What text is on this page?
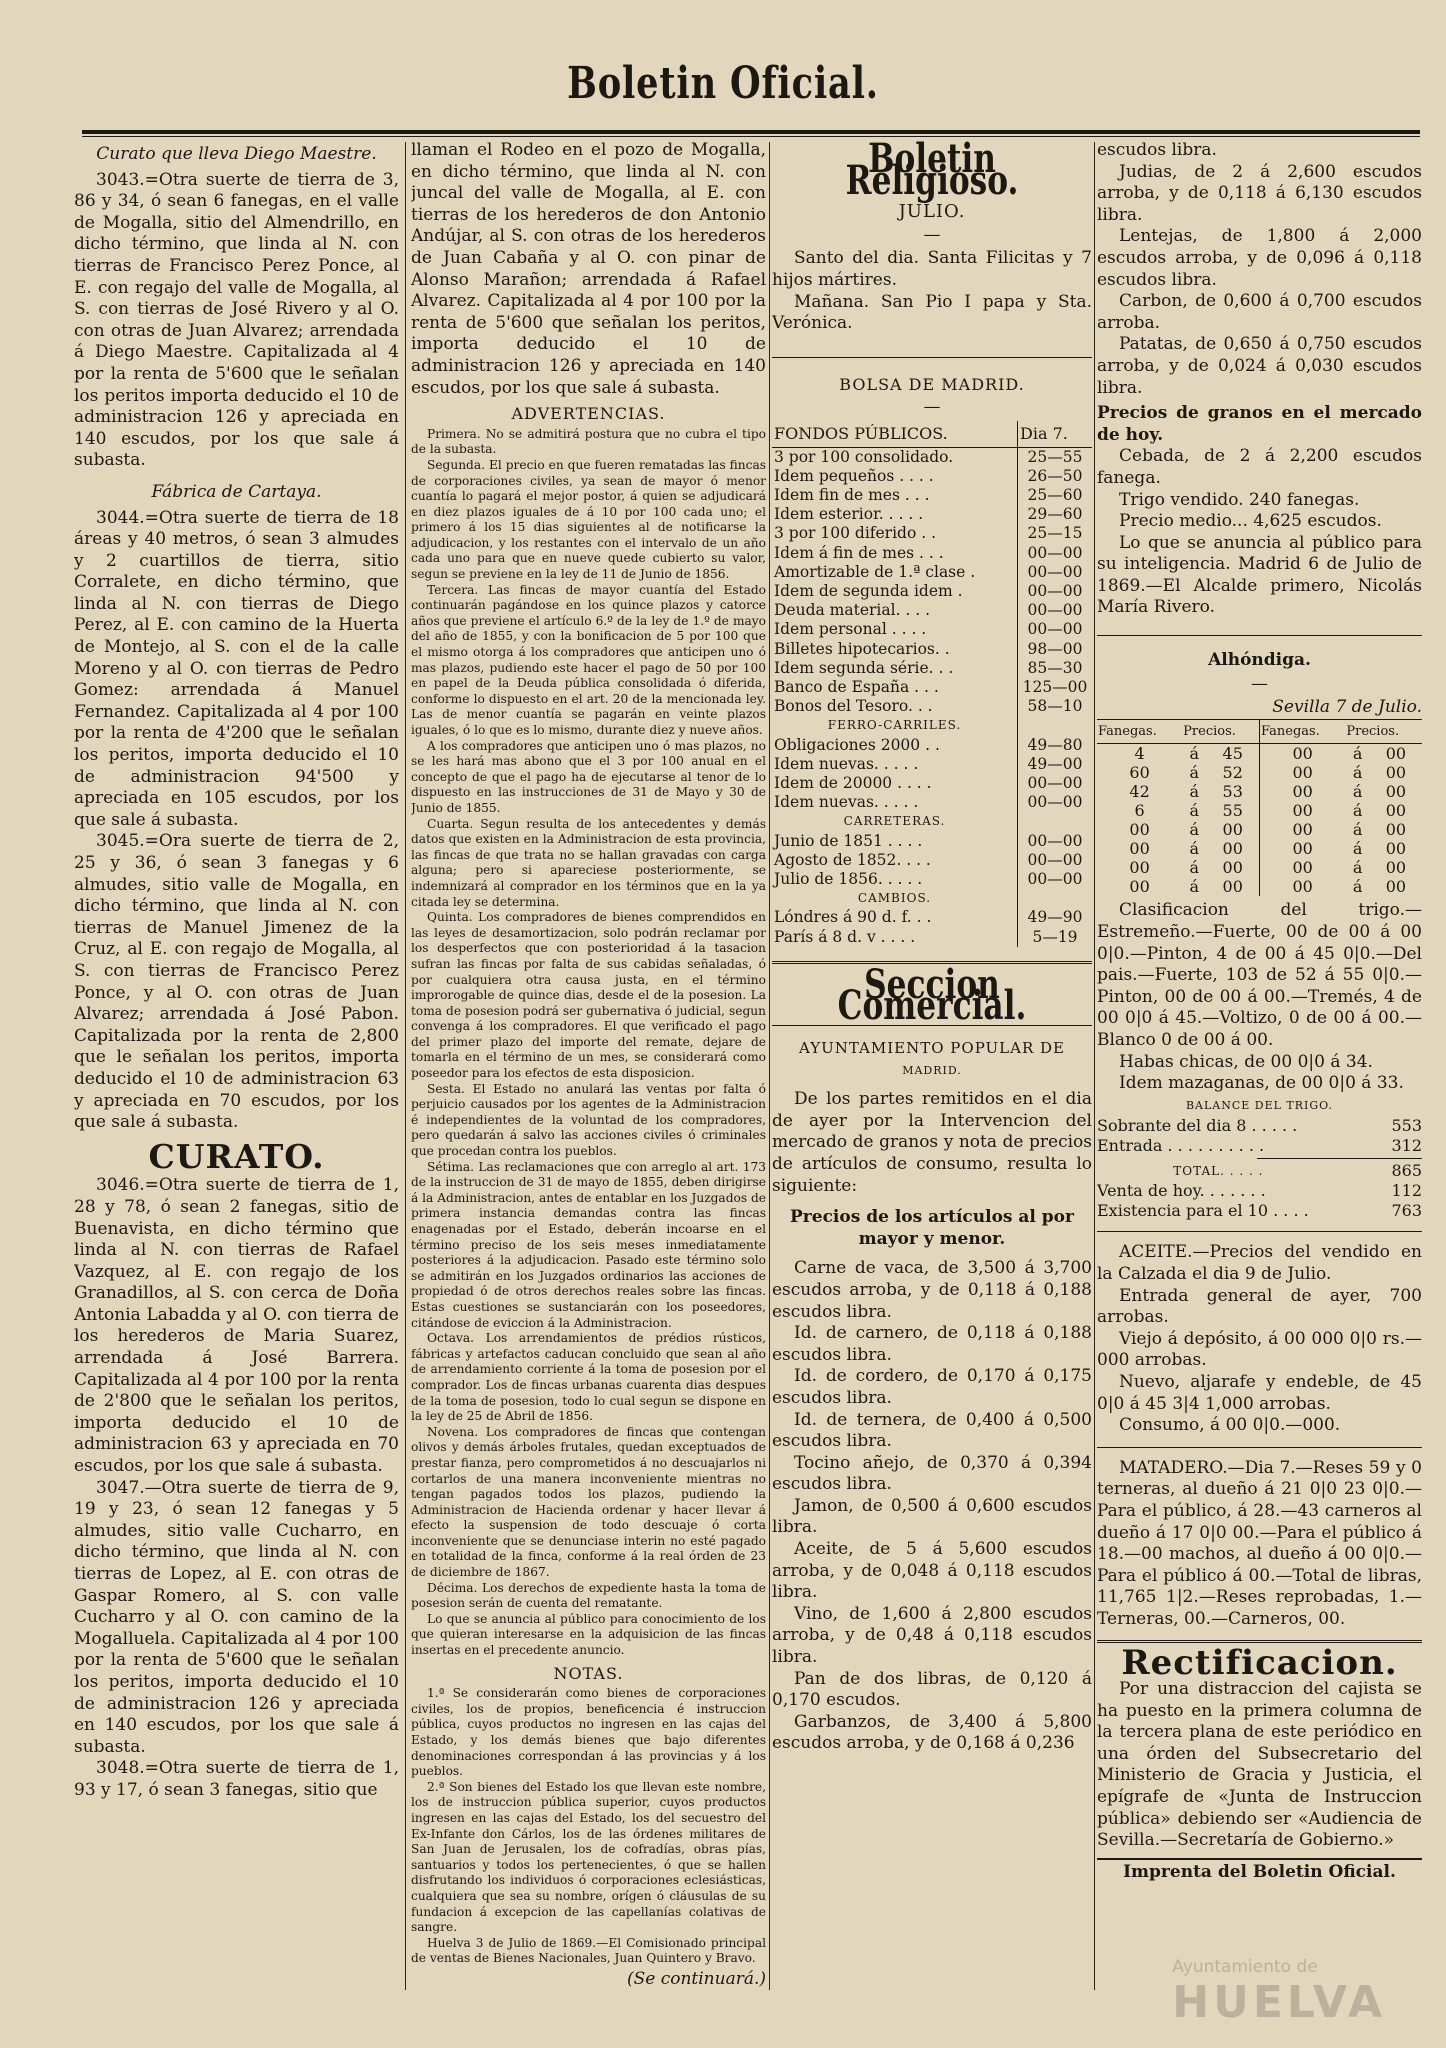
Boletin Oficial.

Curato que lleva Diego Maestre.

3043.=Otra suerte de tierra de 3, 86 y 34, ó sean 6 fanegas, en el valle de Mogalla, sitio del Almendrillo, en dicho término, que linda al N. con tierras de Francisco Perez Ponce, al E. con regajo del valle de Mogalla, al S. con tierras de José Rivero y al O. con otras de Juan Alvarez; arrendada á Diego Maestre. Capitalizada al 4 por la renta de 5'600 que le señalan los peritos importa deducido el 10 de administracion 126 y apreciada en 140 escudos, por los que sale á subasta.

Fábrica de Cartaya.

3044.=Otra suerte de tierra de 18 áreas y 40 metros, ó sean 3 almudes y 2 cuartillos de tierra, sitio Corralete, en dicho término, que linda al N. con tierras de Diego Perez, al E. con camino de la Huerta de Montejo, al S. con el de la calle Moreno y al O. con tierras de Pedro Gomez: arrendada á Manuel Fernandez. Capitalizada al 4 por 100 por la renta de 4'200 que le señalan los peritos, importa deducido el 10 de administracion 94'500 y apreciada en 105 escudos, por los que sale á subasta.

3045.=Ora suerte de tierra de 2, 25 y 36, ó sean 3 fanegas y 6 almudes, sitio valle de Mogalla, en dicho término, que linda al N. con tierras de Manuel Jimenez de la Cruz, al E. con regajo de Mogalla, al S. con tierras de Francisco Perez Ponce, y al O. con otras de Juan Alvarez; arrendada á José Pabon. Capitalizada por la renta de 2,800 que le señalan los peritos, importa deducido el 10 de administracion 63 y apreciada en 70 escudos, por los que sale á subasta.

CURATO.

3046.=Otra suerte de tierra de 1, 28 y 78, ó sean 2 fanegas, sitio de Buenavista, en dicho término que linda al N. con tierras de Rafael Vazquez, al E. con regajo de los Granadillos, al S. con cerca de Doña Antonia Labadda y al O. con tierra de los herederos de Maria Suarez, arrendada á José Barrera. Capitalizada al 4 por 100 por la renta de 2'800 que le señalan los peritos, importa deducido el 10 de administracion 63 y apreciada en 70 escudos, por los que sale á subasta.

3047.—Otra suerte de tierra de 9, 19 y 23, ó sean 12 fanegas y 5 almudes, sitio valle Cucharro, en dicho término, que linda al N. con tierras de Lopez, al E. con otras de Gaspar Romero, al S. con valle Cucharro y al O. con camino de la Mogalluela. Capitalizada al 4 por 100 por la renta de 5'600 que le señalan los peritos, importa deducido el 10 de administracion 126 y apreciada en 140 escudos, por los que sale á subasta.

3048.=Otra suerte de tierra de 1, 93 y 17, ó sean 3 fanegas, sitio que

llaman el Rodeo en el pozo de Mogalla, en dicho término, que linda al N. con juncal del valle de Mogalla, al E. con tierras de los herederos de don Antonio Andújar, al S. con otras de los herederos de Juan Cabaña y al O. con pinar de Alonso Marañon; arrendada á Rafael Alvarez. Capitalizada al 4 por 100 por la renta de 5'600 que señalan los peritos, importa deducido el 10 de administracion 126 y apreciada en 140 escudos, por los que sale á subasta.

ADVERTENCIAS.

Primera. No se admitirá postura que no cubra el tipo de la subasta.

Segunda. El precio en que fueren rematadas las fincas de corporaciones civiles, ya sean de mayor ó menor cuantía lo pagará el mejor postor, á quien se adjudicará en diez plazos iguales de á 10 por 100 cada uno; el primero á los 15 dias siguientes al de notificarse la adjudicacion, y los restantes con el intervalo de un año cada uno para que en nueve quede cubierto su valor, segun se previene en la ley de 11 de Junio de 1856.

Tercera. Las fincas de mayor cuantía del Estado continuarán pagándose en los quince plazos y catorce años que previene el artículo 6.º de la ley de 1.º de mayo del año de 1855, y con la bonificacion de 5 por 100 que el mismo otorga á los compradores que anticipen uno ó mas plazos, pudiendo este hacer el pago de 50 por 100 en papel de la Deuda pública consolidada ó diferida, conforme lo dispuesto en el art. 20 de la mencionada ley. Las de menor cuantía se pagarán en veinte plazos iguales, ó lo que es lo mismo, durante diez y nueve años.

A los compradores que anticipen uno ó mas plazos, no se les hará mas abono que el 3 por 100 anual en el concepto de que el pago ha de ejecutarse al tenor de lo dispuesto en las instrucciones de 31 de Mayo y 30 de Junio de 1855.

Cuarta. Segun resulta de los antecedentes y demás datos que existen en la Administracion de esta provincia, las fincas de que trata no se hallan gravadas con carga alguna; pero si apareciese posteriormente, se indemnizará al comprador en los términos que en la ya citada ley se determina.

Quinta. Los compradores de bienes comprendidos en las leyes de desamortizacion, solo podrán reclamar por los desperfectos que con posterioridad á la tasacion sufran las fincas por falta de sus cabidas señaladas, ó por cualquiera otra causa justa, en el término improrogable de quince dias, desde el de la posesion. La toma de posesion podrá ser gubernativa ó judicial, segun convenga á los compradores. El que verificado el pago del primer plazo del importe del remate, dejare de tomarla en el término de un mes, se considerará como poseedor para los efectos de esta disposicion.

Sesta. El Estado no anulará las ventas por falta ó perjuicio causados por los agentes de la Administracion é independientes de la voluntad de los compradores, pero quedarán á salvo las acciones civiles ó criminales que procedan contra los pueblos.

Sétima. Las reclamaciones que con arreglo al art. 173 de la instruccion de 31 de mayo de 1855, deben dirigirse á la Administracion, antes de entablar en los Juzgados de primera instancia demandas contra las fincas enagenadas por el Estado, deberán incoarse en el término preciso de los seis meses inmediatamente posteriores á la adjudicacion. Pasado este término solo se admitirán en los Juzgados ordinarios las acciones de propiedad ó de otros derechos reales sobre las fincas. Estas cuestiones se sustanciarán con los poseedores, citándose de eviccion á la Administracion.

Octava. Los arrendamientos de prédios rústicos, fábricas y artefactos caducan concluido que sean al año de arrendamiento corriente á la toma de posesion por el comprador. Los de fincas urbanas cuarenta dias despues de la toma de posesion, todo lo cual segun se dispone en la ley de 25 de Abril de 1856.

Novena. Los compradores de fincas que contengan olivos y demás árboles frutales, quedan exceptuados de prestar fianza, pero comprometidos á no descuajarlos ni cortarlos de una manera inconveniente mientras no tengan pagados todos los plazos, pudiendo la Administracion de Hacienda ordenar y hacer llevar á efecto la suspension de todo descuaje ó corta inconveniente que se denunciase interin no esté pagado en totalidad de la finca, conforme á la real órden de 23 de diciembre de 1867.

Décima. Los derechos de expediente hasta la toma de posesion serán de cuenta del rematante.

Lo que se anuncia al público para conocimiento de los que quieran interesarse en la adquisicion de las fincas insertas en el precedente anuncio.

NOTAS.

1.ª Se considerarán como bienes de corporaciones civiles, los de propios, beneficencia é instruccion pública, cuyos productos no ingresen en las cajas del Estado, y los demás bienes que bajo diferentes denominaciones correspondan á las provincias y á los pueblos.

2.ª Son bienes del Estado los que llevan este nombre, los de instruccion pública superior, cuyos productos ingresen en las cajas del Estado, los del secuestro del Ex-Infante don Cárlos, los de las órdenes militares de San Juan de Jerusalen, los de cofradías, obras pías, santuarios y todos los pertenecientes, ó que se hallen disfrutando los individuos ó corporaciones eclesiásticas, cualquiera que sea su nombre, orígen ó cláusulas de su fundacion á excepcion de las capellanías colativas de sangre.

Huelva 3 de Julio de 1869.—El Comisionado principal de ventas de Bienes Nacionales, Juan Quintero y Bravo.

(Se continuará.)

Boletin Religioso.

JULIO.

—

Santo del dia. Santa Filicitas y 7 hijos mártires.

Mañana. San Pio I papa y Sta. Verónica.

BOLSA DE MADRID.

—

FONDOS PÚBLICOS.	Dia 7.
3 por 100 consolidado.	25—55
Idem pequeños . . . .	26—50
Idem fin de mes . . .	25—60
Idem esterior. . . . .	29—60
3 por 100 diferido . .	25—15
Idem á fin de mes . . .	00—00
Amortizable de 1.ª clase .	00—00
Idem de segunda idem .	00—00
Deuda material. . . .	00—00
Idem personal . . . .	00—00
Billetes hipotecarios. .	98—00
Idem segunda série. . .	85—30
Banco de España . . .	125—00
Bonos del Tesoro. . .	58—10
FERRO-CARRILES.	
Obligaciones 2000 . .	49—80
Idem nuevas. . . . .	49—00
Idem de 20000 . . . .	00—00
Idem nuevas. . . . .	00—00
CARRETERAS.	
Junio de 1851 . . . .	00—00
Agosto de 1852. . . .	00—00
Julio de 1856. . . . .	00—00
CAMBIOS.	
Lóndres á 90 d. f. . .	49—90
París á 8 d. v . . . .	5—19

Seccion Comercial.

AYUNTAMIENTO POPULAR DE

MADRID.

De los partes remitidos en el dia de ayer por la Intervencion del mercado de granos y nota de precios de artículos de consumo, resulta lo siguiente:

Precios de los artículos al por mayor y menor.

Carne de vaca, de 3,500 á 3,700 escudos arroba, y de 0,118 á 0,188 escudos libra.

Id. de carnero, de 0,118 á 0,188 escudos libra.

Id. de cordero, de 0,170 á 0,175 escudos libra.

Id. de ternera, de 0,400 á 0,500 escudos libra.

Tocino añejo, de 0,370 á 0,394 escudos libra.

Jamon, de 0,500 á 0,600 escudos libra.

Aceite, de 5 á 5,600 escudos arroba, y de 0,048 á 0,118 escudos libra.

Vino, de 1,600 á 2,800 escudos arroba, y de 0,48 á 0,118 escudos libra.

Pan de dos libras, de 0,120 á 0,170 escudos.

Garbanzos, de 3,400 á 5,800 escudos arroba, y de 0,168 á 0,236

escudos libra.

Judias, de 2 á 2,600 escudos arroba, y de 0,118 á 6,130 escudos libra.

Lentejas, de 1,800 á 2,000 escudos arroba, y de 0,096 á 0,118 escudos libra.

Carbon, de 0,600 á 0,700 escudos arroba.

Patatas, de 0,650 á 0,750 escudos arroba, y de 0,024 á 0,030 escudos libra.

Precios de granos en el mercado de hoy.

Cebada, de 2 á 2,200 escudos fanega.

Trigo vendido. 240 fanegas.

Precio medio... 4,625 escudos.

Lo que se anuncia al público para su inteligencia. Madrid 6 de Julio de 1869.—El Alcalde primero, Nicolás María Rivero.

Alhóndiga.

—

Sevilla 7 de Julio.

Fanegas.	Precios.		Fanegas.	Precios.	
4	á	45	00	á	00
60	á	52	00	á	00
42	á	53	00	á	00
6	á	55	00	á	00
00	á	00	00	á	00
00	á	00	00	á	00
00	á	00	00	á	00
00	á	00	00	á	00

Clasificacion del trigo.—Estremeño.—Fuerte, 00 de 00 á 00 0|0.—Pinton, 4 de 00 á 45 0|0.—Del pais.—Fuerte, 103 de 52 á 55 0|0.—Pinton, 00 de 00 á 00.—Tremés, 4 de 00 0|0 á 45.—Voltizo, 0 de 00 á 00.—Blanco 0 de 00 á 00.

Habas chicas, de 00 0|0 á 34.

Idem mazaganas, de 00 0|0 á 33.

BALANCE DEL TRIGO.

Sobrante del dia 8 . . . . .	553
Entrada . . . . . . . . . .	312
TOTAL. . . . .	865
Venta de hoy. . . . . . .	112
Existencia para el 10 . . . .	763

ACEITE.—Precios del vendido en la Calzada el dia 9 de Julio.

Entrada general de ayer, 700 arrobas.

Viejo á depósito, á 00 000 0|0 rs.—000 arrobas.

Nuevo, aljarafe y endeble, de 45 0|0 á 45 3|4 1,000 arrobas.

Consumo, á 00 0|0.—000.

MATADERO.—Dia 7.—Reses 59 y 0 terneras, al dueño á 21 0|0 23 0|0.—Para el público, á 28.—43 carneros al dueño á 17 0|0 00.—Para el público á 18.—00 machos, al dueño á 00 0|0.—Para el público á 00.—Total de libras, 11,765 1|2.—Reses reprobadas, 1.—Terneras, 00.—Carneros, 00.

Rectificacion.

Por una distraccion del cajista se ha puesto en la primera columna de la tercera plana de este periódico en una órden del Subsecretario del Ministerio de Gracia y Justicia, el epígrafe de «Junta de Instruccion pública» debiendo ser «Audiencia de Sevilla.—Secretaría de Gobierno.»

Imprenta del Boletin Oficial.

Ayuntamiento de
HUELVA
